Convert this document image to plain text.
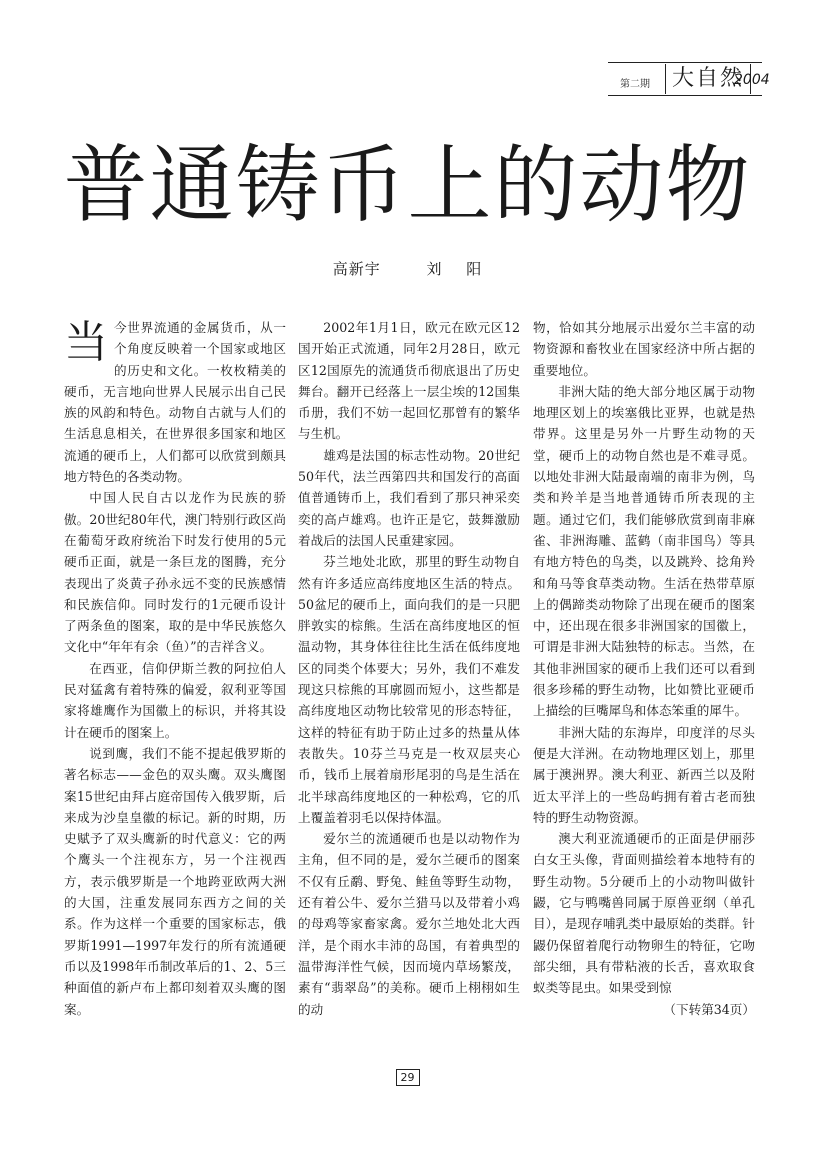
第二期	大自然
2004
普通铸币上的动物
高新宇	刘 阳

当今世界流通的金属货币，从一个角度反映着一个国家或地区的历史和文化。一枚枚精美的硬币，无言地向世界人民展示出自己民族的风韵和特色。动物自古就与人们的生活息息相关，在世界很多国家和地区流通的硬币上，人们都可以欣赏到颇具地方特色的各类动物。

中国人民自古以龙作为民族的骄傲。20世纪80年代，澳门特别行政区尚在葡萄牙政府统治下时发行使用的5元硬币正面，就是一条巨龙的图腾，充分表现出了炎黄子孙永远不变的民族感情和民族信仰。同时发行的1元硬币设计了两条鱼的图案，取的是中华民族悠久文化中“年年有余（鱼）”的吉祥含义。

在西亚，信仰伊斯兰教的阿拉伯人民对猛禽有着特殊的偏爱，叙利亚等国家将雄鹰作为国徽上的标识，并将其设计在硬币的图案上。

说到鹰，我们不能不提起俄罗斯的著名标志——金色的双头鹰。双头鹰图案15世纪由拜占庭帝国传入俄罗斯，后来成为沙皇皇徽的标记。新的时期，历史赋予了双头鹰新的时代意义：它的两个鹰头一个注视东方，另一个注视西方，表示俄罗斯是一个地跨亚欧两大洲的大国，注重发展同东西方之间的关系。作为这样一个重要的国家标志，俄罗斯1991—1997年发行的所有流通硬币以及1998年币制改革后的1、2、5三种面值的新卢布上都印刻着双头鹰的图案。

2002年1月1日，欧元在欧元区12国开始正式流通，同年2月28日，欧元区12国原先的流通货币彻底退出了历史舞台。翻开已经落上一层尘埃的12国集币册，我们不妨一起回忆那曾有的繁华与生机。

雄鸡是法国的标志性动物。20世纪50年代，法兰西第四共和国发行的高面值普通铸币上，我们看到了那只神采奕奕的高卢雄鸡。也许正是它，鼓舞激励着战后的法国人民重建家园。

芬兰地处北欧，那里的野生动物自然有许多适应高纬度地区生活的特点。50盆尼的硬币上，面向我们的是一只肥胖敦实的棕熊。生活在高纬度地区的恒温动物，其身体往往比生活在低纬度地区的同类个体要大；另外，我们不难发现这只棕熊的耳廓圆而短小，这些都是高纬度地区动物比较常见的形态特征，这样的特征有助于防止过多的热量从体表散失。10芬兰马克是一枚双层夹心币，钱币上展着扇形尾羽的鸟是生活在北半球高纬度地区的一种松鸡，它的爪上覆盖着羽毛以保持体温。

爱尔兰的流通硬币也是以动物作为主角，但不同的是，爱尔兰硬币的图案不仅有丘鹬、野兔、鲑鱼等野生动物，还有着公牛、爱尔兰猎马以及带着小鸡的母鸡等家畜家禽。爱尔兰地处北大西洋，是个雨水丰沛的岛国，有着典型的温带海洋性气候，因而境内草场繁茂，素有“翡翠岛”的美称。硬币上栩栩如生的动

物，恰如其分地展示出爱尔兰丰富的动物资源和畜牧业在国家经济中所占据的重要地位。

非洲大陆的绝大部分地区属于动物地理区划上的埃塞俄比亚界，也就是热带界。这里是另外一片野生动物的天堂，硬币上的动物自然也是不难寻觅。以地处非洲大陆最南端的南非为例，鸟类和羚羊是当地普通铸币所表现的主题。通过它们，我们能够欣赏到南非麻雀、非洲海雕、蓝鹤（南非国鸟）等具有地方特色的鸟类，以及跳羚、捻角羚和角马等食草类动物。生活在热带草原上的偶蹄类动物除了出现在硬币的图案中，还出现在很多非洲国家的国徽上，可谓是非洲大陆独特的标志。当然，在其他非洲国家的硬币上我们还可以看到很多珍稀的野生动物，比如赞比亚硬币上描绘的巨嘴犀鸟和体态笨重的犀牛。

非洲大陆的东海岸，印度洋的尽头便是大洋洲。在动物地理区划上，那里属于澳洲界。澳大利亚、新西兰以及附近太平洋上的一些岛屿拥有着古老而独特的野生动物资源。

澳大利亚流通硬币的正面是伊丽莎白女王头像，背面则描绘着本地特有的野生动物。5分硬币上的小动物叫做针鼹，它与鸭嘴兽同属于原兽亚纲（单孔目），是现存哺乳类中最原始的类群。针鼹仍保留着爬行动物卵生的特征，它吻部尖细，具有带粘液的长舌，喜欢取食蚁类等昆虫。如果受到惊
（下转第34页）

29
